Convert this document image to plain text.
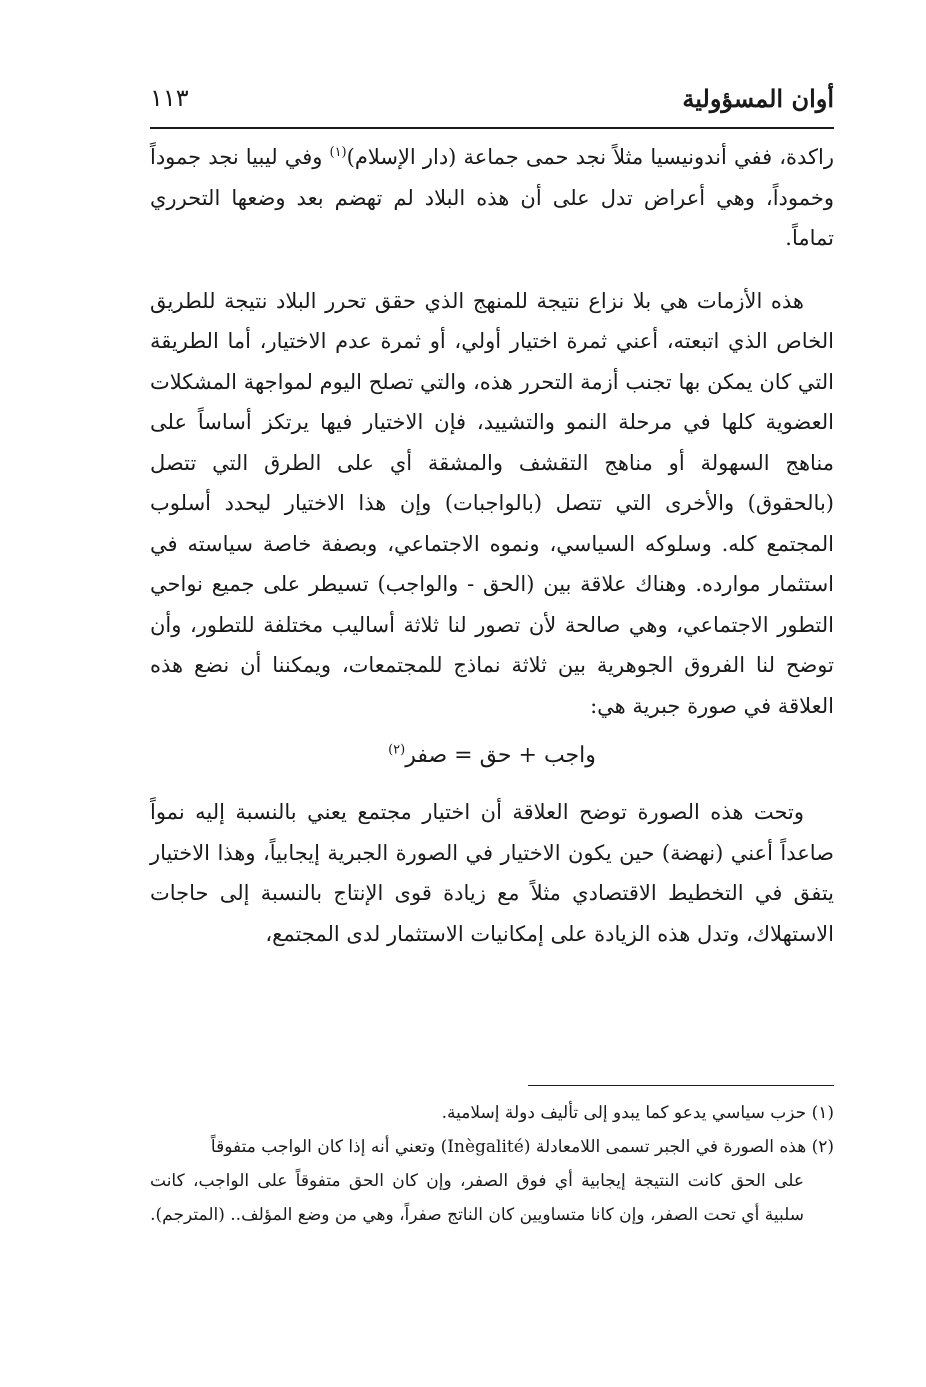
أوان المسؤولية
١١٣

راكدة، ففي أندونيسيا مثلاً نجد حمى جماعة (دار الإسلام)$^{(١)}$ وفي ليبيا نجد جموداً وخموداً، وهي أعراض تدل على أن هذه البلاد لم تهضم بعد وضعها التحرري تماماً.

هذه الأزمات هي بلا نزاع نتيجة للمنهج الذي حقق تحرر البلاد نتيجة للطريق الخاص الذي اتبعته، أعني ثمرة اختيار أولي، أو ثمرة عدم الاختيار، أما الطريقة التي كان يمكن بها تجنب أزمة التحرر هذه، والتي تصلح اليوم لمواجهة المشكلات العضوية كلها في مرحلة النمو والتشييد، فإن الاختيار فيها يرتكز أساساً على مناهج السهولة أو مناهج التقشف والمشقة أي على الطرق التي تتصل (بالحقوق) والأخرى التي تتصل (بالواجبات) وإن هذا الاختيار ليحدد أسلوب المجتمع كله. وسلوكه السياسي، ونموه الاجتماعي، وبصفة خاصة سياسته في استثمار موارده. وهناك علاقة بين (الحق - والواجب) تسيطر على جميع نواحي التطور الاجتماعي، وهي صالحة لأن تصور لنا ثلاثة أساليب مختلفة للتطور، وأن توضح لنا الفروق الجوهرية بين ثلاثة نماذج للمجتمعات، ويمكننا أن نضع هذه العلاقة في صورة جبرية هي:

واجب + حق = صفر$^{(٢)}$

وتحت هذه الصورة توضح العلاقة أن اختيار مجتمع يعني بالنسبة إليه نمواً صاعداً أعني (نهضة) حين يكون الاختيار في الصورة الجبرية إيجابياً، وهذا الاختيار يتفق في التخطيط الاقتصادي مثلاً مع زيادة قوى الإنتاج بالنسبة إلى حاجات الاستهلاك، وتدل هذه الزيادة على إمكانيات الاستثمار لدى المجتمع،

(١) حزب سياسي يدعو كما يبدو إلى تأليف دولة إسلامية.

(٢) هذه الصورة في الجبر تسمى اللامعادلة (Inègalité) وتعني أنه إذا كان الواجب متفوقاً

على الحق كانت النتيجة إيجابية أي فوق الصفر، وإن كان الحق متفوقاً على الواجب، كانت سلبية أي تحت الصفر، وإن كانا متساويين كان الناتج صفراً، وهي من وضع المؤلف.. (المترجم).
